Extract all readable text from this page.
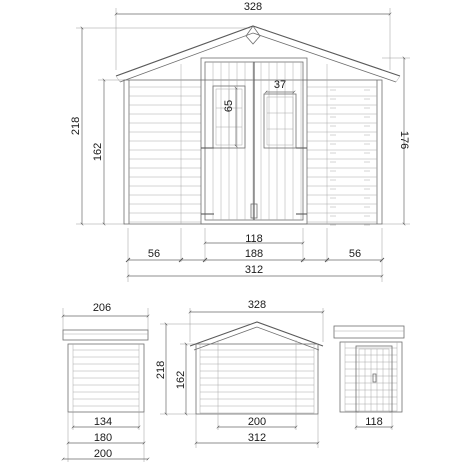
328
218
162
176
65
37
118
56	188	56
312
206
134
180
200
328
218
162
200
312
118
